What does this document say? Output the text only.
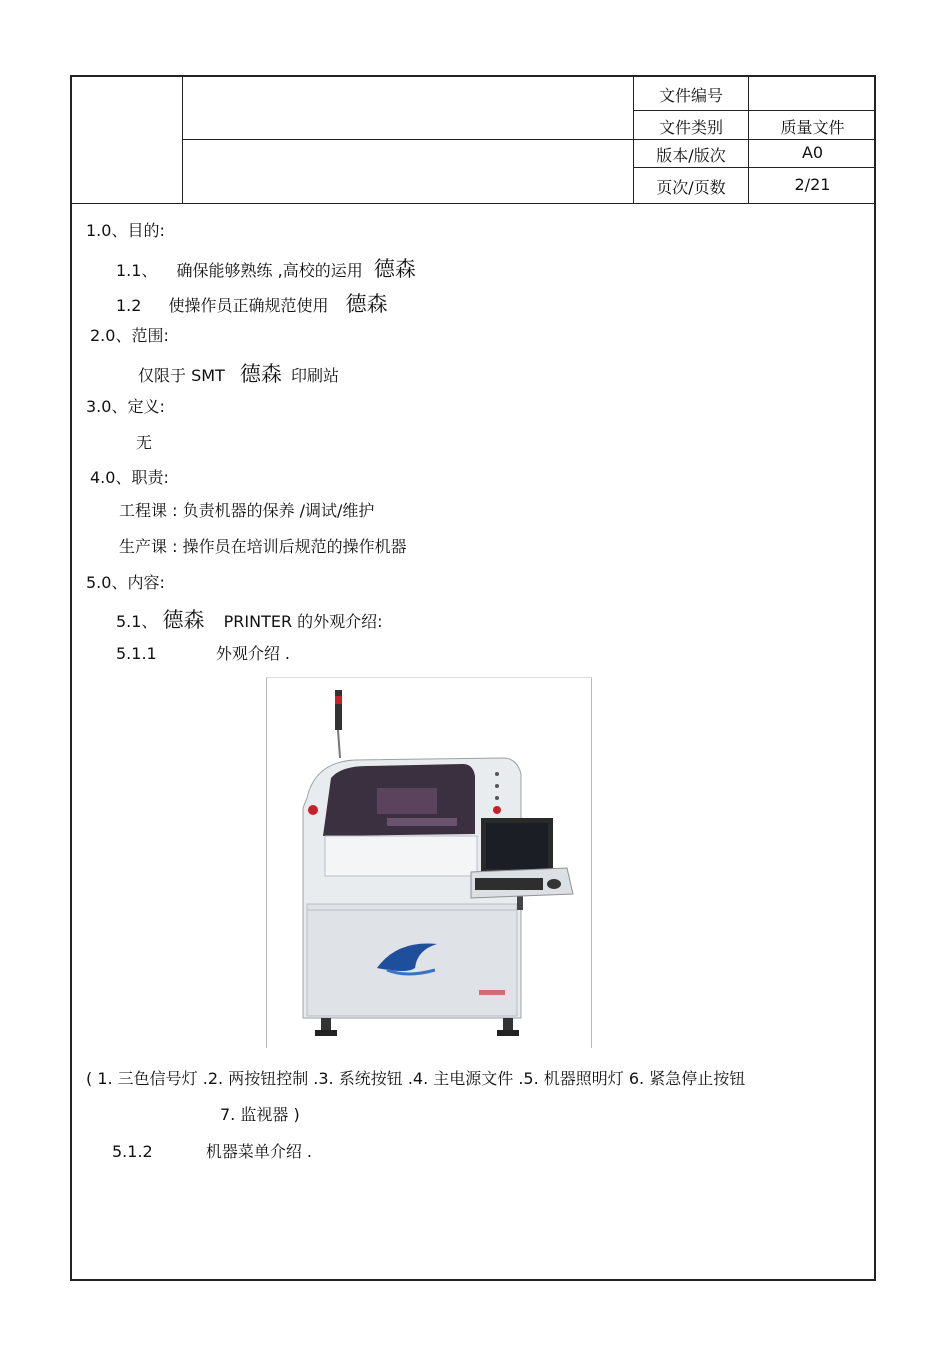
文件编号
文件类别	质量文件
版本/版次	A0
页次/页数	2/21
1.0、目的:
1.1、 确保能够熟练 ,高校的运用 德森
1.2 使操作员正确规范使用 德森
2.0、范围:
仅限于 SMT 德森 印刷站
3.0、定义:
无
4.0、职责:
工程课 : 负责机器的保养 /调试/维护
生产课 : 操作员在培训后规范的操作机器
5.0、内容:
5.1、 德森 PRINTER 的外观介绍:
5.1.1	外观介绍 .
( 1. 三色信号灯 .2. 两按钮控制 .3. 系统按钮 .4. 主电源文件 .5. 机器照明灯 6. 紧急停止按钮
7. 监视器 )
5.1.2	机器菜单介绍 .
